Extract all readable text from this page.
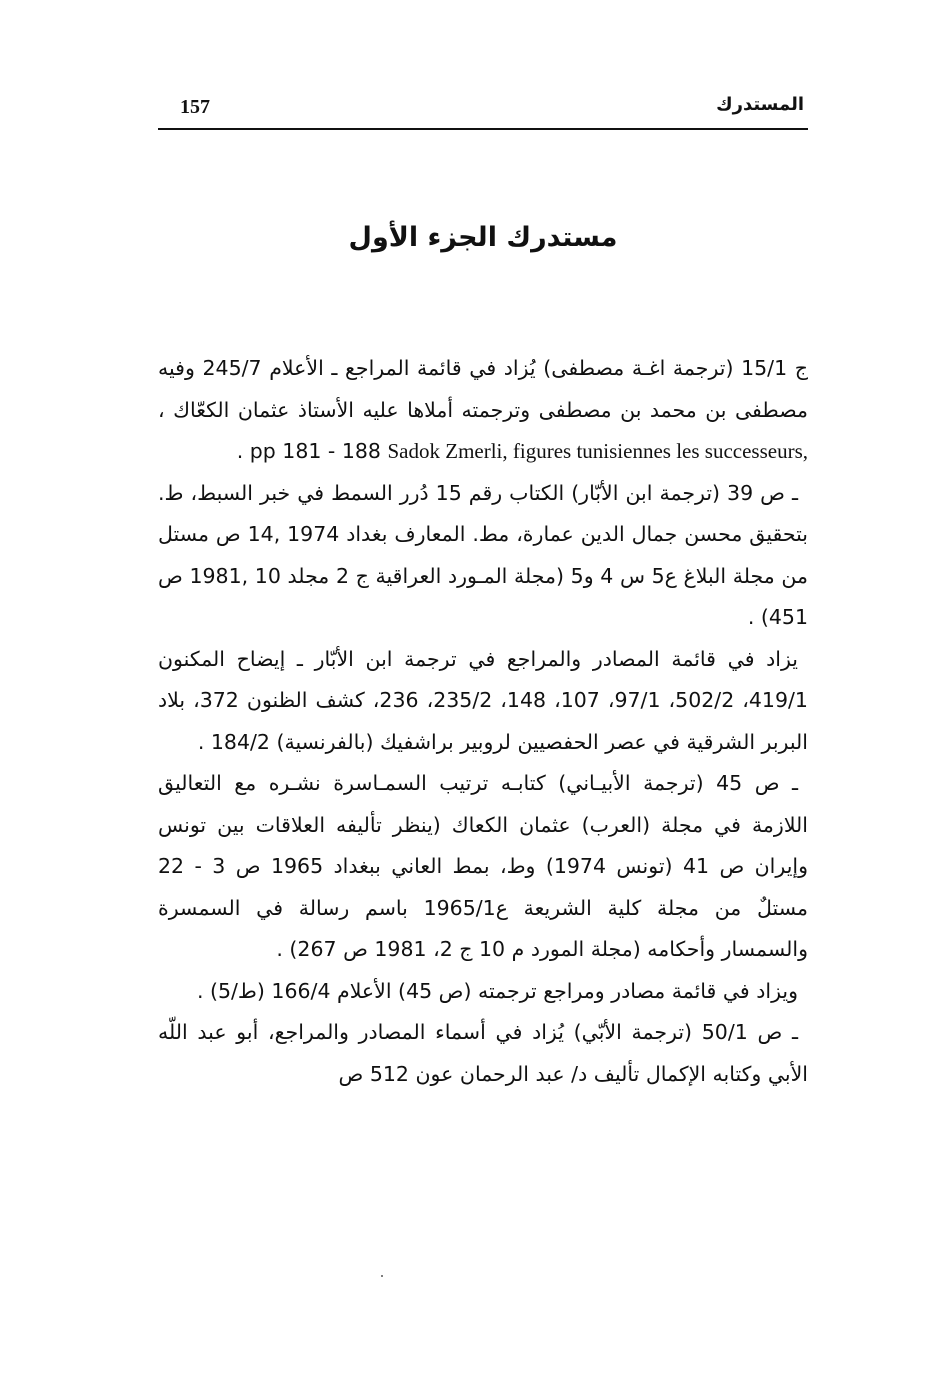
157	المستدرك
مستدرك الجزء الأول

ج 15/1 (ترجمة اغـة مصطفى) يُزاد في قائمة المراجع ـ الأعلام 245/7 وفيه مصطفى بن محمد بن مصطفى وترجمته أملاها عليه الأستاذ عثمان الكعّاك ، Sadok Zmerli, figures tunisiennes les successeurs, pp 181 - 188 .

ـ ص 39 (ترجمة ابن الأبّار) الكتاب رقم 15 دُرر السمط في خبر السبط، ط. بتحقيق محسن جمال الدين عمارة، مط. المعارف بغداد 1974 ,14 ص مستل من مجلة البلاغ ع5 س 4 و5 (مجلة المـورد العراقية ج 2 مجلد 10 ,1981 ص 451) .

يزاد في قائمة المصادر والمراجع في ترجمة ابن الأبّار ـ إيضاح المكنون 419/1، 502/2، 97/1، 107، 148، 235/2، 236، كشف الظنون 372، بلاد البربر الشرقية في عصر الحفصيين لروبير براشفيك (بالفرنسية) 184/2 .

ـ ص 45 (ترجمة الأبيـاني) كتابـه ترتيب السمـاسرة نشـره مع التعاليق اللازمة في مجلة (العرب) عثمان الكعاك (ينظر تأليفه العلاقات بين تونس وإيران ص 41 (تونس 1974) وط، بمط العاني ببغداد 1965 ص 3 - 22 مستلٌ من مجلة كلية الشريعة ع1965/1 باسم رسالة في السمسرة والسمسار وأحكامه (مجلة المورد م 10 ج 2، 1981 ص 267) .

ويزاد في قائمة مصادر ومراجع ترجمته (ص 45) الأعلام 166/4 (ط/5) .

ـ ص 50/1 (ترجمة الأبّي) يُزاد في أسماء المصادر والمراجع، أبو عبد اللّه الأبي وكتابه الإكمال تأليف د/ عبد الرحمان عون 512 ص
